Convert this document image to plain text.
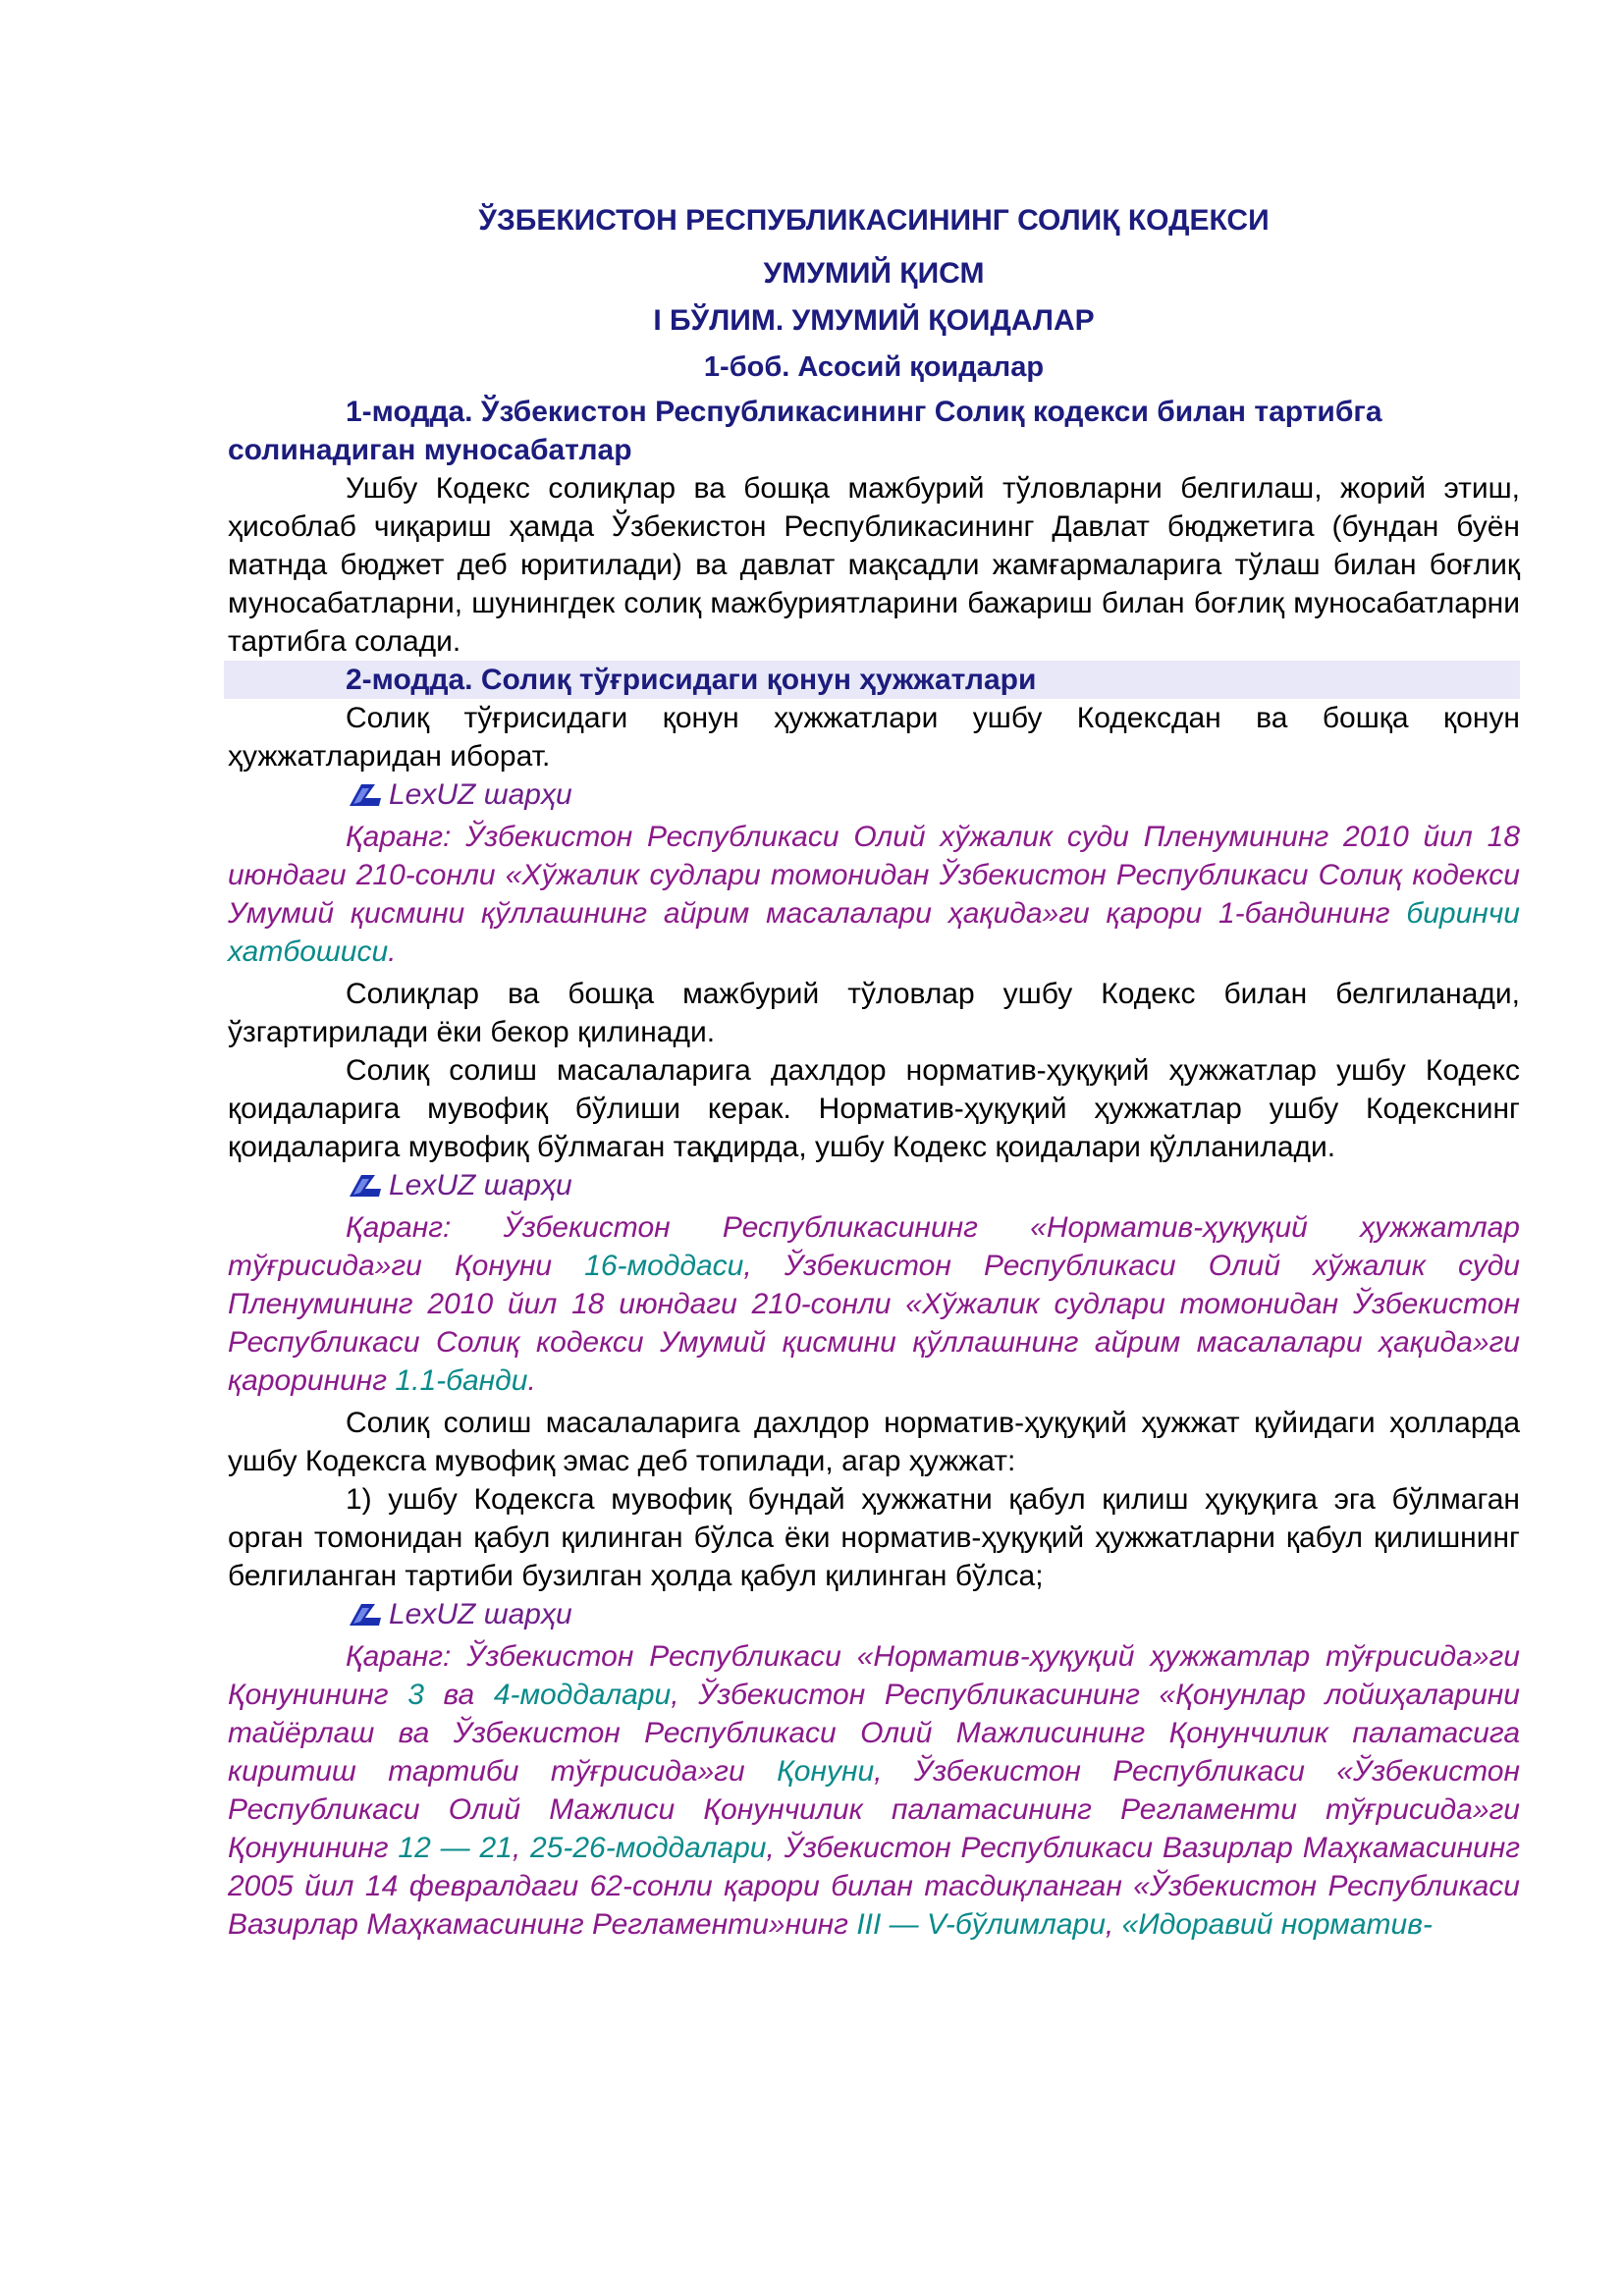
ЎЗБЕКИСТОН РЕСПУБЛИКАСИНИНГ СОЛИҚ КОДЕКСИ
УМУМИЙ ҚИСМ
I БЎЛИМ. УМУМИЙ ҚОИДАЛАР
1-боб. Асосий қоидалар

1-модда. Ўзбекистон Республикасининг Солиқ кодекси билан тартибга солинадиган муносабатлар

Ушбу Кодекс солиқлар ва бошқа мажбурий тўловларни белгилаш, жорий этиш, ҳисоблаб чиқариш ҳамда Ўзбекистон Республикасининг Давлат бюджетига (бундан буён матнда бюджет деб юритилади) ва давлат мақсадли жамғармаларига тўлаш билан боғлиқ муносабатларни, шунингдек солиқ мажбуриятларини бажариш билан боғлиқ муносабатларни тартибга солади.

2-модда. Солиқ тўғрисидаги қонун ҳужжатлари

Солиқ тўғрисидаги қонун ҳужжатлари ушбу Кодексдан ва бошқа қонун ҳужжатларидан иборат.

LexUZ шарҳи

Қаранг: Ўзбекистон Республикаси Олий хўжалик суди Пленумининг 2010 йил 18 июндаги 210-сонли «Хўжалик судлари томонидан Ўзбекистон Республикаси Солиқ кодекси Умумий қисмини қўллашнинг айрим масалалари ҳақида»ги қарори 1-бандининг биринчи хатбошиси.

Солиқлар ва бошқа мажбурий тўловлар ушбу Кодекс билан белгиланади, ўзгартирилади ёки бекор қилинади.

Солиқ солиш масалаларига дахлдор норматив-ҳуқуқий ҳужжатлар ушбу Кодекс қоидаларига мувофиқ бўлиши керак. Норматив-ҳуқуқий ҳужжатлар ушбу Кодекснинг қоидаларига мувофиқ бўлмаган тақдирда, ушбу Кодекс қоидалари қўлланилади.

LexUZ шарҳи

Қаранг: Ўзбекистон Республикасининг «Норматив-ҳуқуқий ҳужжатлар тўғрисида»ги Қонуни 16-моддаси, Ўзбекистон Республикаси Олий хўжалик суди Пленумининг 2010 йил 18 июндаги 210-сонли «Хўжалик судлари томонидан Ўзбекистон Республикаси Солиқ кодекси Умумий қисмини қўллашнинг айрим масалалари ҳақида»ги қарорининг 1.1-банди.

Солиқ солиш масалаларига дахлдор норматив-ҳуқуқий ҳужжат қуйидаги ҳолларда ушбу Кодексга мувофиқ эмас деб топилади, агар ҳужжат:

1) ушбу Кодексга мувофиқ бундай ҳужжатни қабул қилиш ҳуқуқига эга бўлмаган орган томонидан қабул қилинган бўлса ёки норматив-ҳуқуқий ҳужжатларни қабул қилишнинг белгиланган тартиби бузилган ҳолда қабул қилинган бўлса;

LexUZ шарҳи

Қаранг: Ўзбекистон Республикаси «Норматив-ҳуқуқий ҳужжатлар тўғрисида»ги Қонунининг 3 ва 4-моддалари, Ўзбекистон Республикасининг «Қонунлар лойиҳаларини тайёрлаш ва Ўзбекистон Республикаси Олий Мажлисининг Қонунчилик палатасига киритиш тартиби тўғрисида»ги Қонуни, Ўзбекистон Республикаси «Ўзбекистон Республикаси Олий Мажлиси Қонунчилик палатасининг Регламенти тўғрисида»ги Қонунининг 12 — 21, 25-26-моддалари, Ўзбекистон Республикаси Вазирлар Маҳкамасининг 2005 йил 14 февралдаги 62-сонли қарори билан тасдиқланган «Ўзбекистон Республикаси Вазирлар Маҳкамасининг Регламенти»нинг III — V-бўлимлари, «Идоравий норматив-
